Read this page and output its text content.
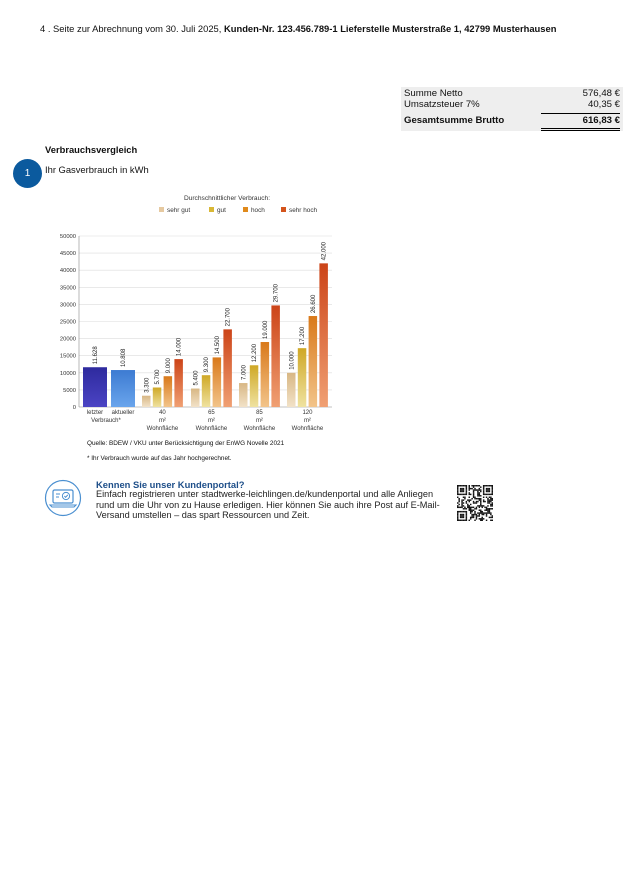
4 . Seite zur Abrechnung vom 30. Juli 2025, Kunden-Nr. 123.456.789-1 Lieferstelle Musterstraße 1, 42799 Musterhausen
Summe Netto	576,48 €
Umsatzsteuer 7%	40,35 €
Gesamtsumme Brutto	616,83 €
Verbrauchsvergleich
1	Ihr Gasverbrauch in kWh
Durchschnittlicher Verbrauch:
sehr gut	gut	hoch	sehr hoch
0
5000
10000
15000
20000
25000
30000
35000
40000
45000
50000
11.628	10.808
letzter aktueller
Verbrauch*
3.300
5.700
9.000
14.000
40
m²
Wohnfläche
5.400
9.300
14.500
22.700
65
m²
Wohnfläche
7.000
12.200
19.000
29.700
85
m²
Wohnfläche
10.000
17.200
26.600
42.000
120
m²
Wohnfläche
Quelle: BDEW / VKU unter Berücksichtigung der EnWG Novelle 2021
* Ihr Verbrauch wurde auf das Jahr hochgerechnet.
Kennen Sie unser Kundenportal?
Einfach registrieren unter stadtwerke-leichlingen.de/kundenportal und alle Anliegen rund um die Uhr von zu Hause erledigen. Hier können Sie auch ihre Post auf E-Mail-Versand umstellen – das spart Ressourcen und Zeit.
